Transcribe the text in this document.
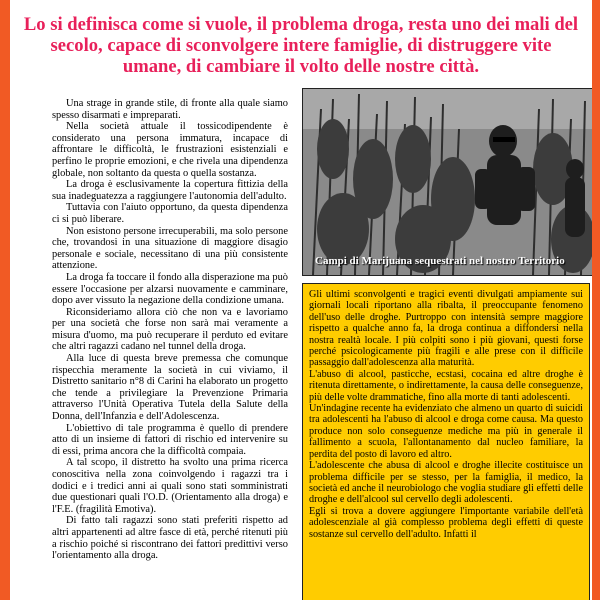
Lo si definisca come si vuole, il problema droga, resta uno dei mali del secolo, capace di sconvolgere intere famiglie, di distruggere vite umane, di cambiare il volto delle nostre città.

Una strage in grande stile, di fronte alla quale siamo spesso disarmati e impreparati.

Nella società attuale il tossicodipendente è considerato una persona immatura, incapace di affrontare le difficoltà, le frustrazioni esistenziali e perfino le proprie emozioni, e che rivela una dipendenza globale, non soltanto da questa o quella sostanza.

La droga è esclusivamente la copertura fittizia della sua inadeguatezza a raggiungere l'autonomia dell'adulto.

Tuttavia con l'aiuto opportuno, da questa dipendenza ci si può liberare.

Non esistono persone irrecuperabili, ma solo persone che, trovandosi in una situazione di maggiore disagio personale e sociale, necessitano di una più consistente attenzione.

La droga fa toccare il fondo alla disperazione ma può essere l'occasione per alzarsi nuovamente e camminare, dopo aver vissuto la negazione della condizione umana.

Riconsideriamo allora ciò che non va e lavoriamo per una società che forse non sarà mai veramente a misura d'uomo, ma può recuperare il perduto ed evitare che altri ragazzi cadano nel tunnel della droga.

Alla luce di questa breve premessa che comunque rispecchia meramente la società in cui viviamo, il Distretto sanitario n°8 di Carini ha elaborato un progetto che tende a privilegiare la Prevenzione Primaria attraverso l'Unità Operativa Tutela della Salute della Donna, dell'Infanzia e dell'Adolescenza.

L'obiettivo di tale programma è quello di prendere atto di un insieme di fattori di rischio ed intervenire su di essi, prima ancora che la difficoltà compaia.

A tal scopo, il distretto ha svolto una prima ricerca conoscitiva nella zona coinvolgendo i ragazzi tra i dodici e i tredici anni ai quali sono stati somministrati due questionari quali l'O.D. (Orientamento alla droga) e l'F.E. (fragilità Emotiva).

Di fatto tali ragazzi sono stati preferiti rispetto ad altri appartenenti ad altre fasce di età, perché ritenuti più a rischio poiché si riscontrano dei fattori predittivi verso l'orientamento alla droga.

Campi di Marijuana sequestrati nel nostro Territorio

Gli ultimi sconvolgenti e tragici eventi divulgati ampiamente sui giornali locali riportano alla ribalta, il preoccupante fenomeno dell'uso delle droghe. Purtroppo con intensità sempre maggiore rispetto a qualche anno fa, la droga continua a diffondersi nella nostra realtà locale. I più colpiti sono i più giovani, questi forse perché psicologicamente più fragili e alle prese con il difficile passaggio dall'adolescenza alla maturità.

L'abuso di alcool, pasticche, ecstasi, cocaina ed altre droghe è ritenuta direttamente, o indirettamente, la causa delle conseguenze, più delle volte drammatiche, fino alla morte di tanti adolescenti.

Un'indagine recente ha evidenziato che almeno un quarto di suicidi tra adolescenti ha l'abuso di alcool e droga come causa. Ma questo produce non solo conseguenze mediche ma più in generale il fallimento a scuola, l'allontanamento dal nucleo familiare, la perdita del posto di lavoro ed altro.

L'adolescente che abusa di alcool e droghe illecite costituisce un problema difficile per se stesso, per la famiglia, il medico, la società ed anche il neurobiologo che voglia studiare gli effetti delle droghe e dell'alcool sul cervello degli adolescenti.

Egli si trova a dovere aggiungere l'importante variabile dell'età adolescenziale al già complesso problema degli effetti di queste sostanze sul cervello dell'adulto. Infatti il
